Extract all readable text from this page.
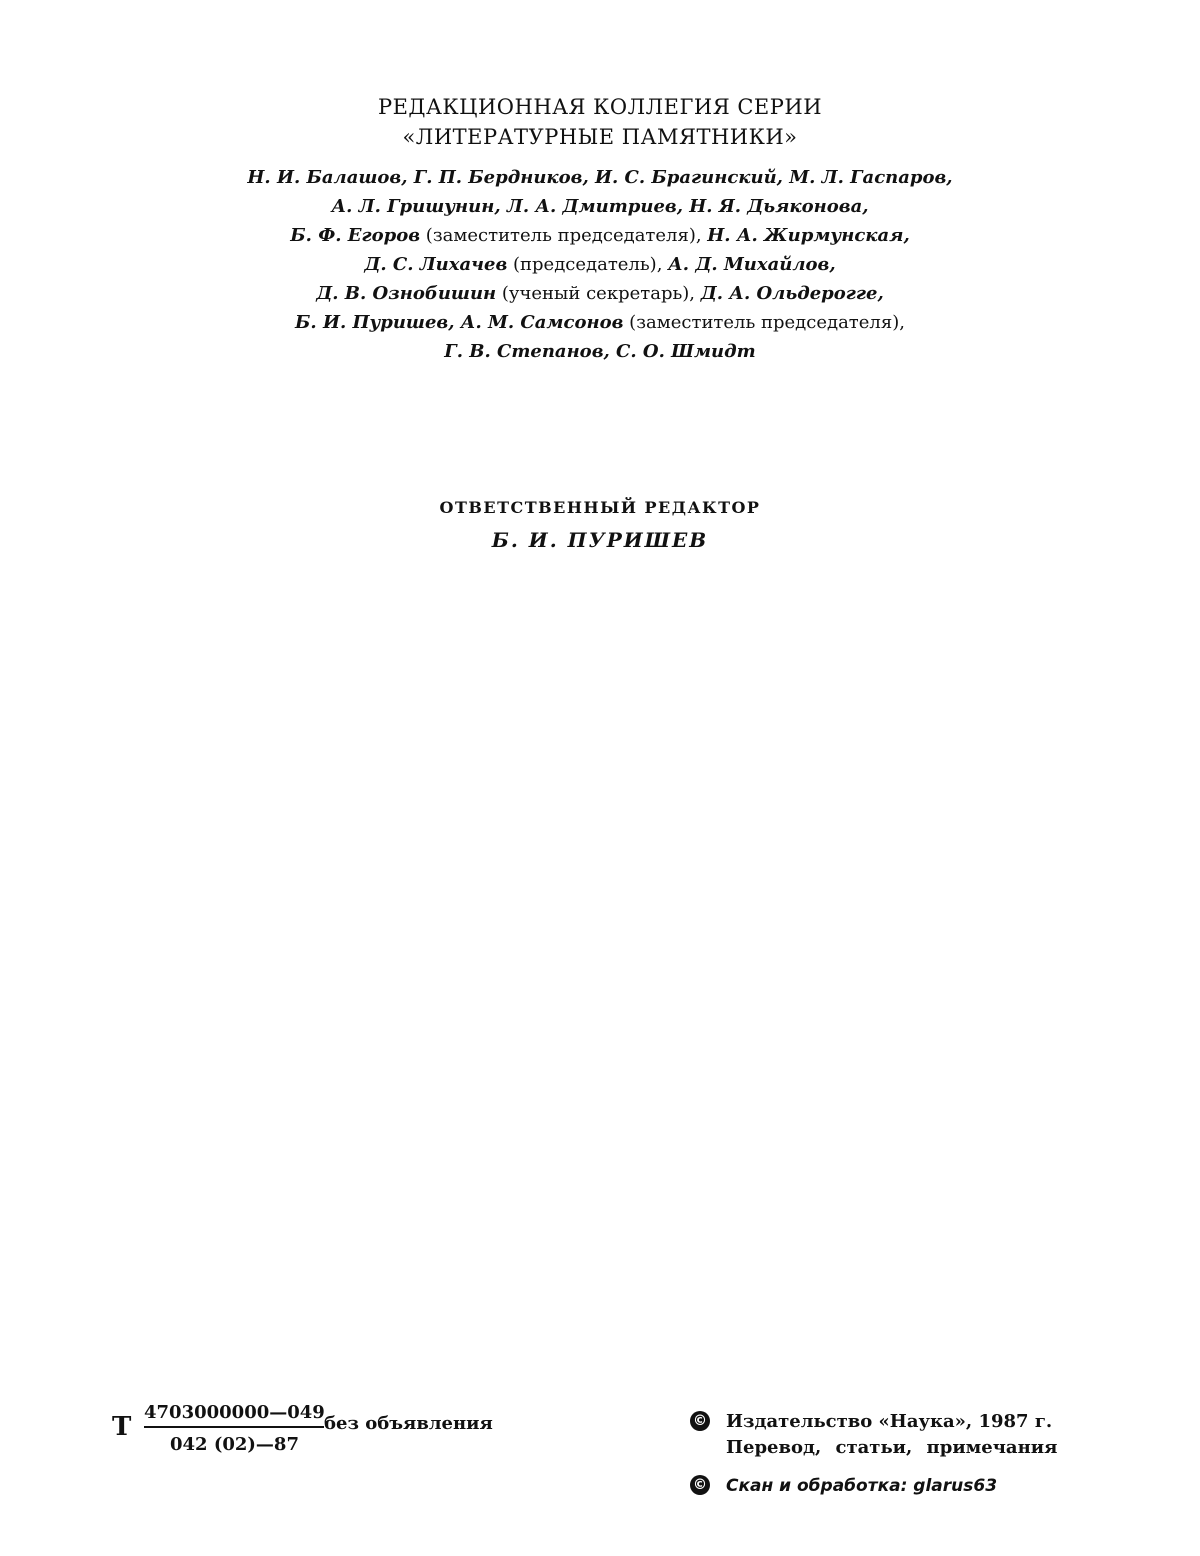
РЕДАКЦИОННАЯ КОЛЛЕГИЯ СЕРИИ
«ЛИТЕРАТУРНЫЕ ПАМЯТНИКИ»
Н. И. Балашов, Г. П. Бердников, И. С. Брагинский, М. Л. Гаспаров,
А. Л. Гришунин, Л. А. Дмитриев, Н. Я. Дьяконова,
Б. Ф. Егоров (заместитель председателя), Н. А. Жирмунская,
Д. С. Лихачев (председатель), А. Д. Михайлов,
Д. В. Ознобишин (ученый секретарь), Д. А. Ольдерогге,
Б. И. Пуришев, А. М. Самсонов (заместитель председателя),
Г. В. Степанов, С. О. Шмидт
ОТВЕТСТВЕННЫЙ РЕДАКТОР
Б. И. ПУРИШЕВ
Т $\frac{4703000000—049}{042 (02)—87}$ без объявления	© Издательство «Наука», 1987 г.
Перевод, статьи, примечания
© Скан и обработка: glarus63
